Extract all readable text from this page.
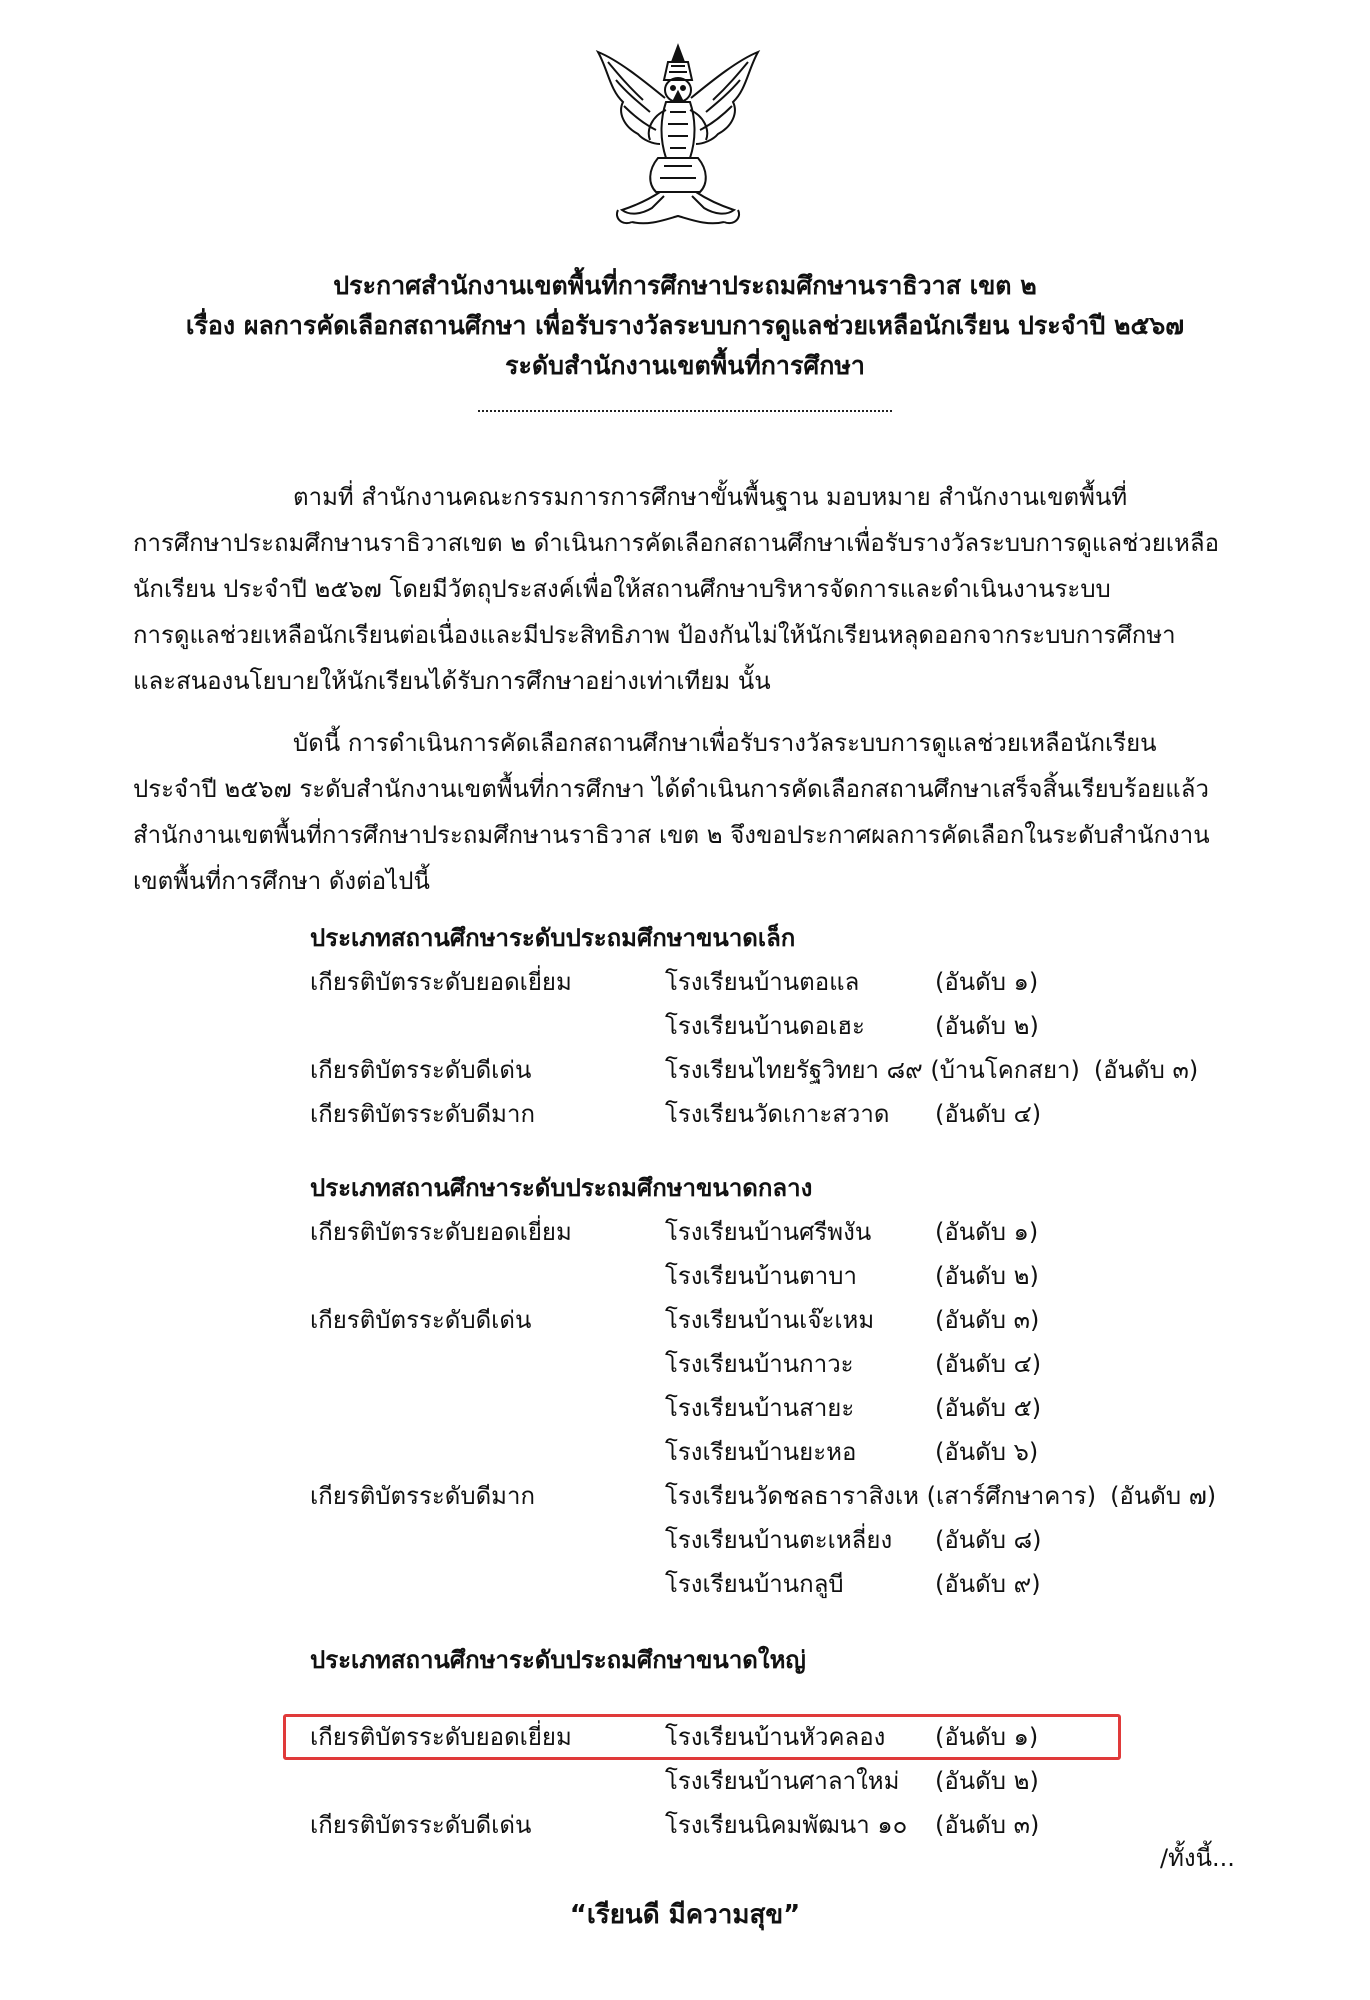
ประกาศสำนักงานเขตพื้นที่การศึกษาประถมศึกษานราธิวาส เขต ๒
เรื่อง ผลการคัดเลือกสถานศึกษา เพื่อรับรางวัลระบบการดูแลช่วยเหลือนักเรียน ประจำปี ๒๕๖๗
ระดับสำนักงานเขตพื้นที่การศึกษา
ตามที่ สำนักงานคณะกรรมการการศึกษาขั้นพื้นฐาน มอบหมาย สำนักงานเขตพื้นที่
การศึกษาประถมศึกษานราธิวาสเขต ๒ ดำเนินการคัดเลือกสถานศึกษาเพื่อรับรางวัลระบบการดูแลช่วยเหลือ
นักเรียน ประจำปี ๒๕๖๗ โดยมีวัตถุประสงค์เพื่อให้สถานศึกษาบริหารจัดการและดำเนินงานระบบ
การดูแลช่วยเหลือนักเรียนต่อเนื่องและมีประสิทธิภาพ ป้องกันไม่ให้นักเรียนหลุดออกจากระบบการศึกษา
และสนองนโยบายให้นักเรียนได้รับการศึกษาอย่างเท่าเทียม นั้น
บัดนี้ การดำเนินการคัดเลือกสถานศึกษาเพื่อรับรางวัลระบบการดูแลช่วยเหลือนักเรียน
ประจำปี ๒๕๖๗ ระดับสำนักงานเขตพื้นที่การศึกษา ได้ดำเนินการคัดเลือกสถานศึกษาเสร็จสิ้นเรียบร้อยแล้ว
สำนักงานเขตพื้นที่การศึกษาประถมศึกษานราธิวาส เขต ๒ จึงขอประกาศผลการคัดเลือกในระดับสำนักงาน
เขตพื้นที่การศึกษา ดังต่อไปนี้
ประเภทสถานศึกษาระดับประถมศึกษาขนาดเล็ก
เกียรติบัตรระดับยอดเยี่ยม	โรงเรียนบ้านตอแล	(อันดับ ๑)
โรงเรียนบ้านดอเฮะ	(อันดับ ๒)
เกียรติบัตรระดับดีเด่น	โรงเรียนไทยรัฐวิทยา ๘๙ (บ้านโคกสยา) (อันดับ ๓)
เกียรติบัตรระดับดีมาก	โรงเรียนวัดเกาะสวาด (อันดับ ๔)
ประเภทสถานศึกษาระดับประถมศึกษาขนาดกลาง
เกียรติบัตรระดับยอดเยี่ยม	โรงเรียนบ้านศรีพงัน	(อันดับ ๑)
โรงเรียนบ้านตาบา	(อันดับ ๒)
เกียรติบัตรระดับดีเด่น	โรงเรียนบ้านเจ๊ะเหม	(อันดับ ๓)
โรงเรียนบ้านกาวะ	(อันดับ ๔)
โรงเรียนบ้านสายะ	(อันดับ ๕)
โรงเรียนบ้านยะหอ	(อันดับ ๖)
เกียรติบัตรระดับดีมาก	โรงเรียนวัดชลธาราสิงเห (เสาร์ศึกษาคาร) (อันดับ ๗)
โรงเรียนบ้านตะเหลี่ยง (อันดับ ๘)
โรงเรียนบ้านกลูบี	(อันดับ ๙)
ประเภทสถานศึกษาระดับประถมศึกษาขนาดใหญ่
เกียรติบัตรระดับยอดเยี่ยม	โรงเรียนบ้านหัวคลอง (อันดับ ๑)
โรงเรียนบ้านศาลาใหม่ (อันดับ ๒)
เกียรติบัตรระดับดีเด่น	โรงเรียนนิคมพัฒนา ๑๐ (อันดับ ๓)
/ทั้งนี้...
“เรียนดี มีความสุข”
